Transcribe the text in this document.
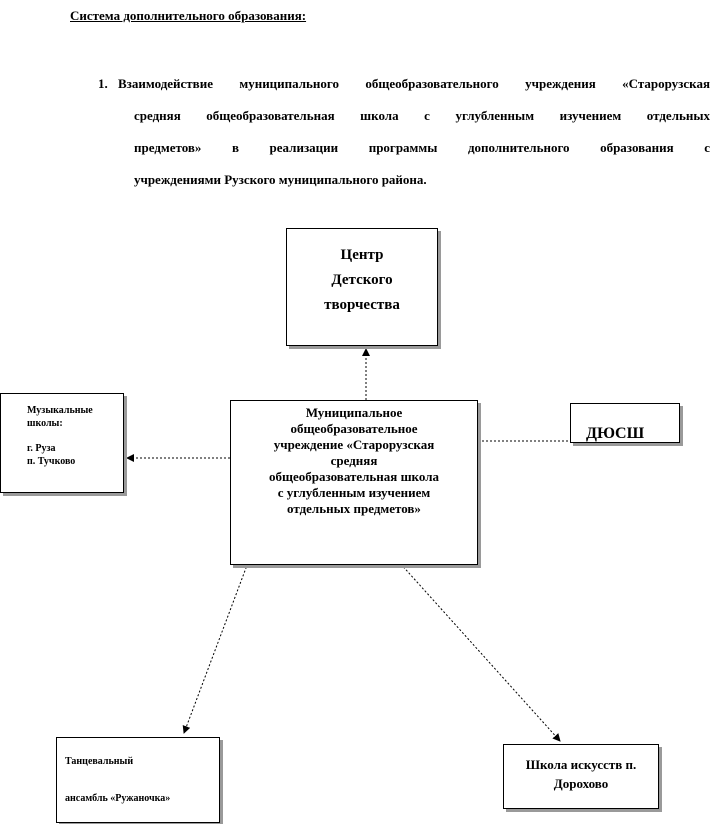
Система дополнительного образования:
1. Взаимодействие муниципального общеобразовательного учреждения «Старорузская
средняя общеобразовательная школа с углубленным изучением отдельных
предметов» в реализации программы дополнительного образования с
учреждениями Рузского муниципального района.
Центр
Детского
творчества
Муниципальное
общеобразовательное
учреждение «Старорузская
средняя
общеобразовательная школа
с углубленным изучением
отдельных предметов»
Музыкальные
школы:
г. Руза
п. Тучково
ДЮСШ
Танцевальный
ансамбль «Ружаночка»
Школа искусств п.
Дорохово
